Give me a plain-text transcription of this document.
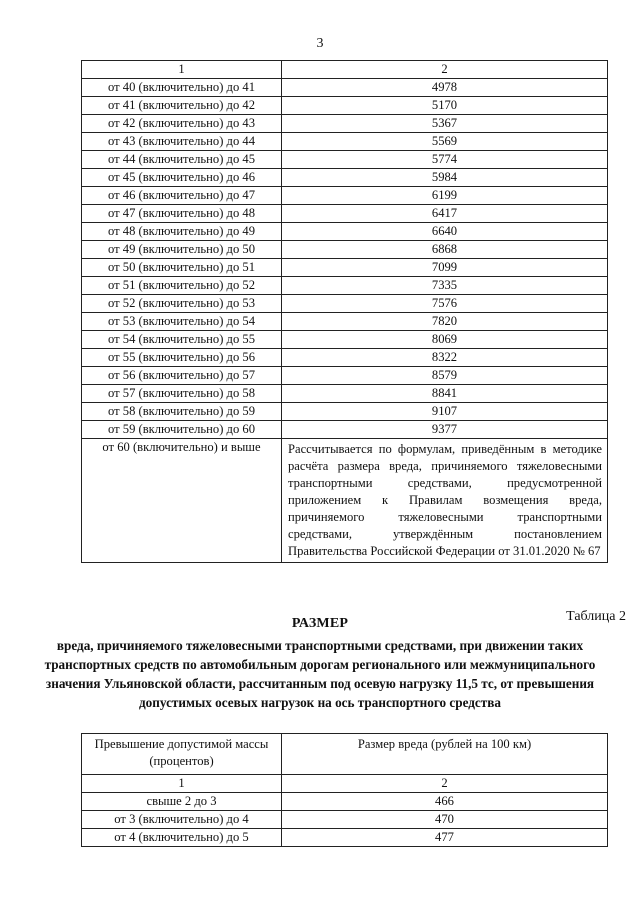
3
1	2
от 40 (включительно) до 41	4978
от 41 (включительно) до 42	5170
от 42 (включительно) до 43	5367
от 43 (включительно) до 44	5569
от 44 (включительно) до 45	5774
от 45 (включительно) до 46	5984
от 46 (включительно) до 47	6199
от 47 (включительно) до 48	6417
от 48 (включительно) до 49	6640
от 49 (включительно) до 50	6868
от 50 (включительно) до 51	7099
от 51 (включительно) до 52	7335
от 52 (включительно) до 53	7576
от 53 (включительно) до 54	7820
от 54 (включительно) до 55	8069
от 55 (включительно) до 56	8322
от 56 (включительно) до 57	8579
от 57 (включительно) до 58	8841
от 58 (включительно) до 59	9107
от 59 (включительно) до 60	9377
от 60 (включительно) и выше	Рассчитывается по формулам, приведённым в методике расчёта размера вреда, причиняемого тяжеловесными транспортными средствами, предусмотренной приложением к Правилам возмещения вреда, причиняемого тяжеловесными транспортными средствами, утверждённым постановлением Правительства Российской Федерации от 31.01.2020 № 67
Таблица 2
РАЗМЕР
вреда, причиняемого тяжеловесными транспортными средствами, при движении таких транспортных средств по автомобильным дорогам регионального или межмуниципального значения Ульяновской области, рассчитанным под осевую нагрузку 11,5 тс, от превышения допустимых осевых нагрузок на ось транспортного средства
Превышение допустимой массы (процентов)	Размер вреда (рублей на 100 км)
1	2
свыше 2 до 3	466
от 3 (включительно) до 4	470
от 4 (включительно) до 5	477
